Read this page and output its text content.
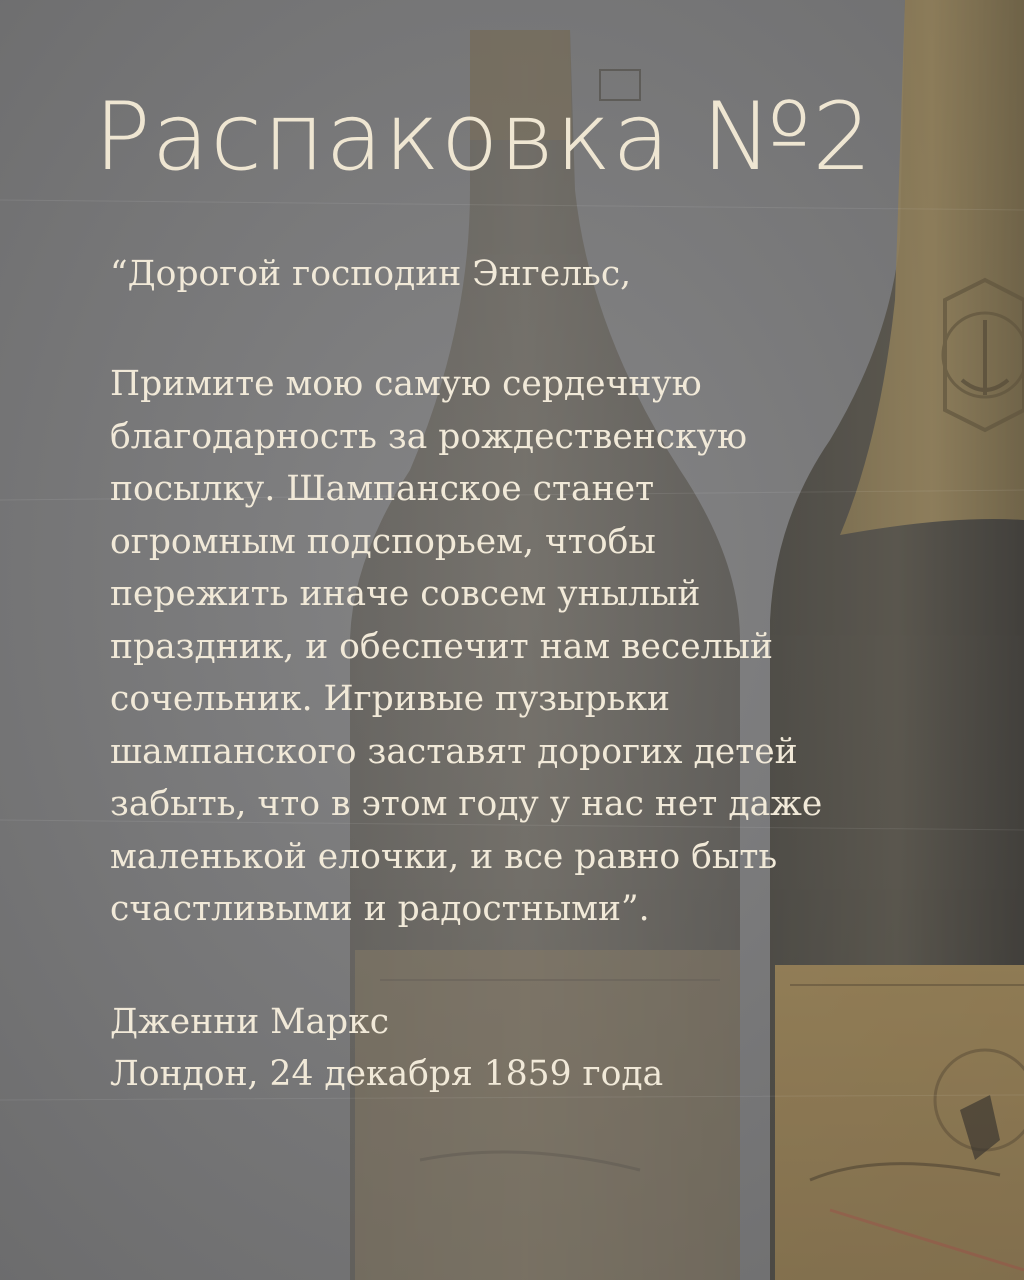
Распаковка №2

“Дорогой господин Энгельс,

Примите мою самую сердечную
благодарность за рождественскую
посылку. Шампанское станет
огромным подспорьем, чтобы
пережить иначе совсем унылый
праздник, и обеспечит нам веселый
сочельник. Игривые пузырьки
шампанского заставят дорогих детей
забыть, что в этом году у нас нет даже
маленькой елочки, и все равно быть
счастливыми и радостными”.

Дженни Маркс

Лондон, 24 декабря 1859 года
